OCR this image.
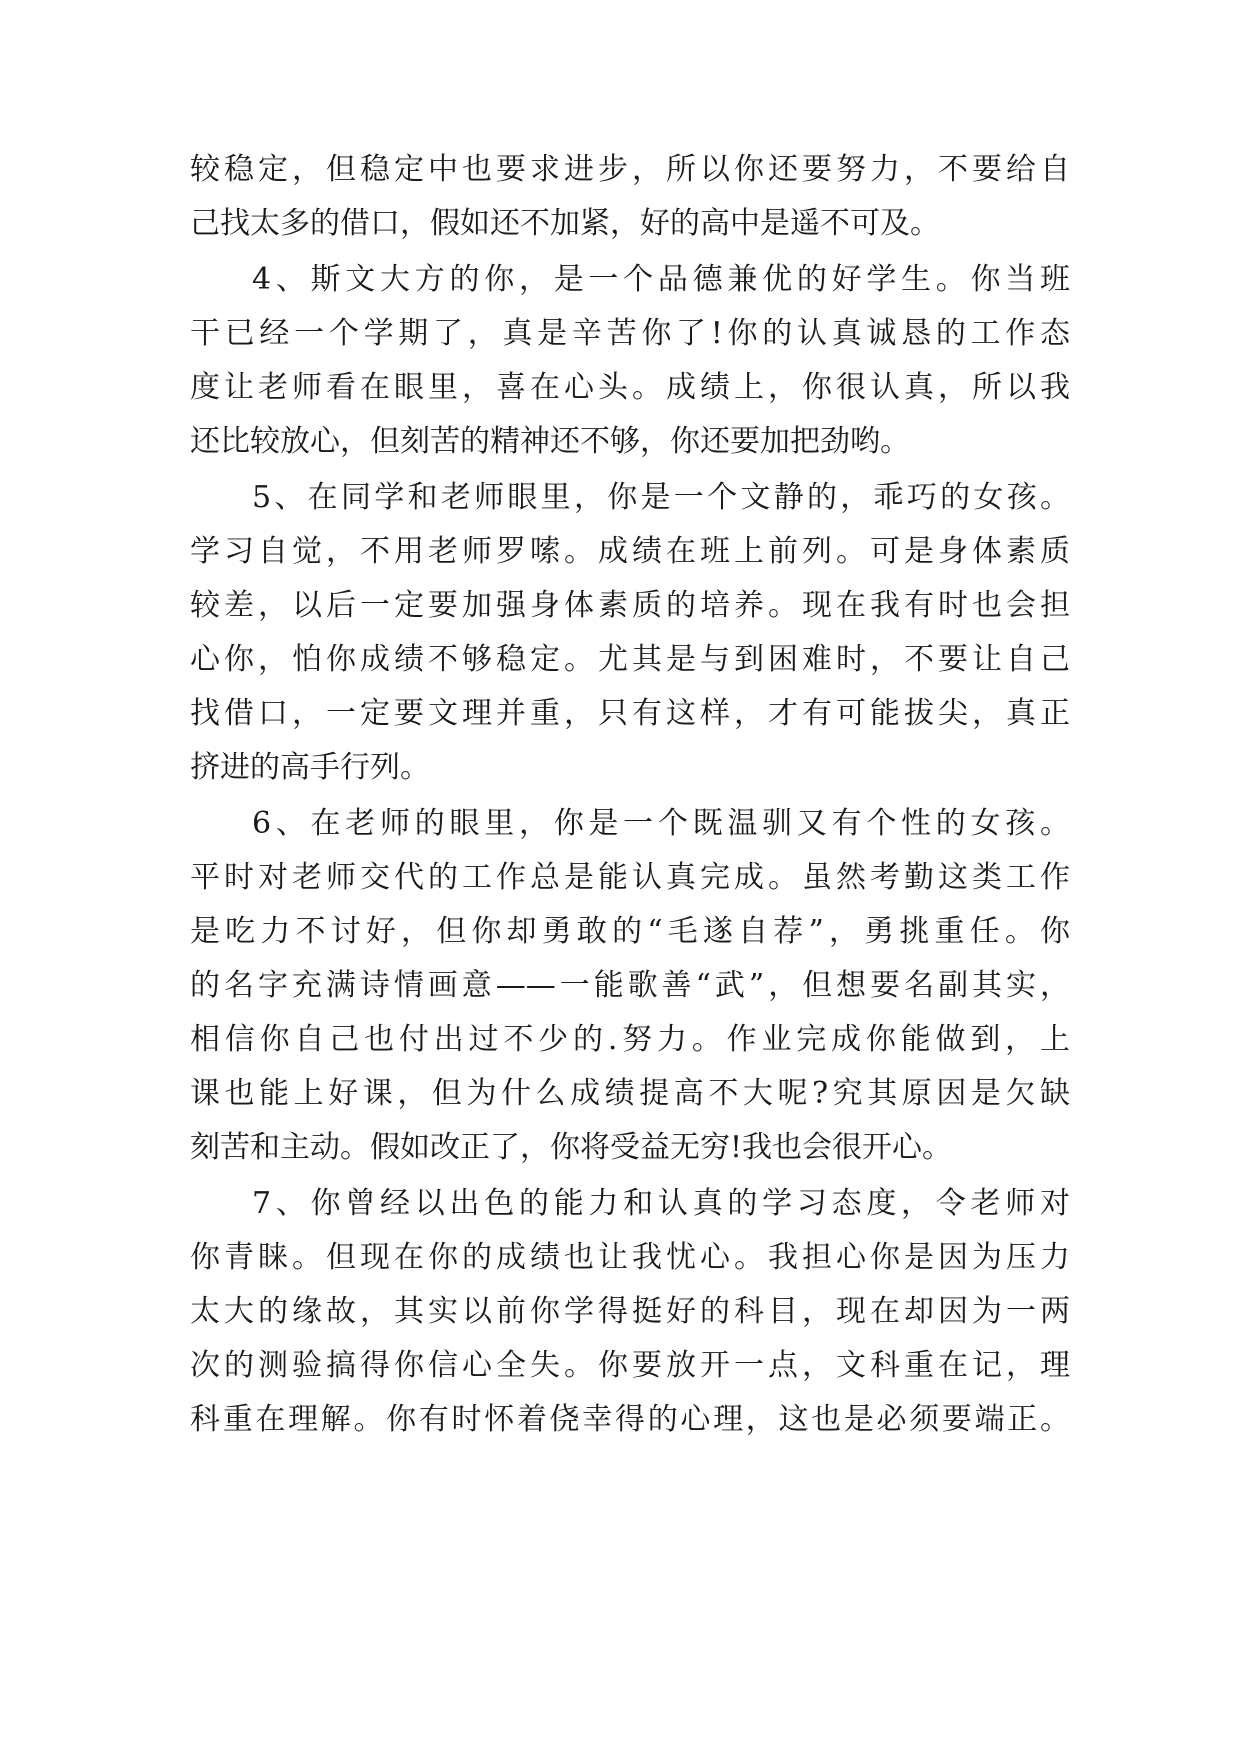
较稳定，但稳定中也要求进步，所以你还要努力，不要给自
己找太多的借口，假如还不加紧，好的高中是遥不可及。
4、斯文大方的你，是一个品德兼优的好学生。你当班
干已经一个学期了，真是辛苦你了!你的认真诚恳的工作态
度让老师看在眼里，喜在心头。成绩上，你很认真，所以我
还比较放心，但刻苦的精神还不够，你还要加把劲哟。
5、在同学和老师眼里，你是一个文静的，乖巧的女孩。
学习自觉，不用老师罗嗦。成绩在班上前列。可是身体素质
较差，以后一定要加强身体素质的培养。现在我有时也会担
心你，怕你成绩不够稳定。尤其是与到困难时，不要让自己
找借口，一定要文理并重，只有这样，才有可能拔尖，真正
挤进的高手行列。
6、在老师的眼里，你是一个既温驯又有个性的女孩。
平时对老师交代的工作总是能认真完成。虽然考勤这类工作
是吃力不讨好，但你却勇敢的“毛遂自荐”，勇挑重任。你
的名字充满诗情画意——一能歌善“武”，但想要名副其实，
相信你自己也付出过不少的.努力。作业完成你能做到，上
课也能上好课，但为什么成绩提高不大呢?究其原因是欠缺
刻苦和主动。假如改正了，你将受益无穷!我也会很开心。
7、你曾经以出色的能力和认真的学习态度，令老师对
你青睐。但现在你的成绩也让我忧心。我担心你是因为压力
太大的缘故，其实以前你学得挺好的科目，现在却因为一两
次的测验搞得你信心全失。你要放开一点，文科重在记，理
科重在理解。你有时怀着侥幸得的心理，这也是必须要端正。
